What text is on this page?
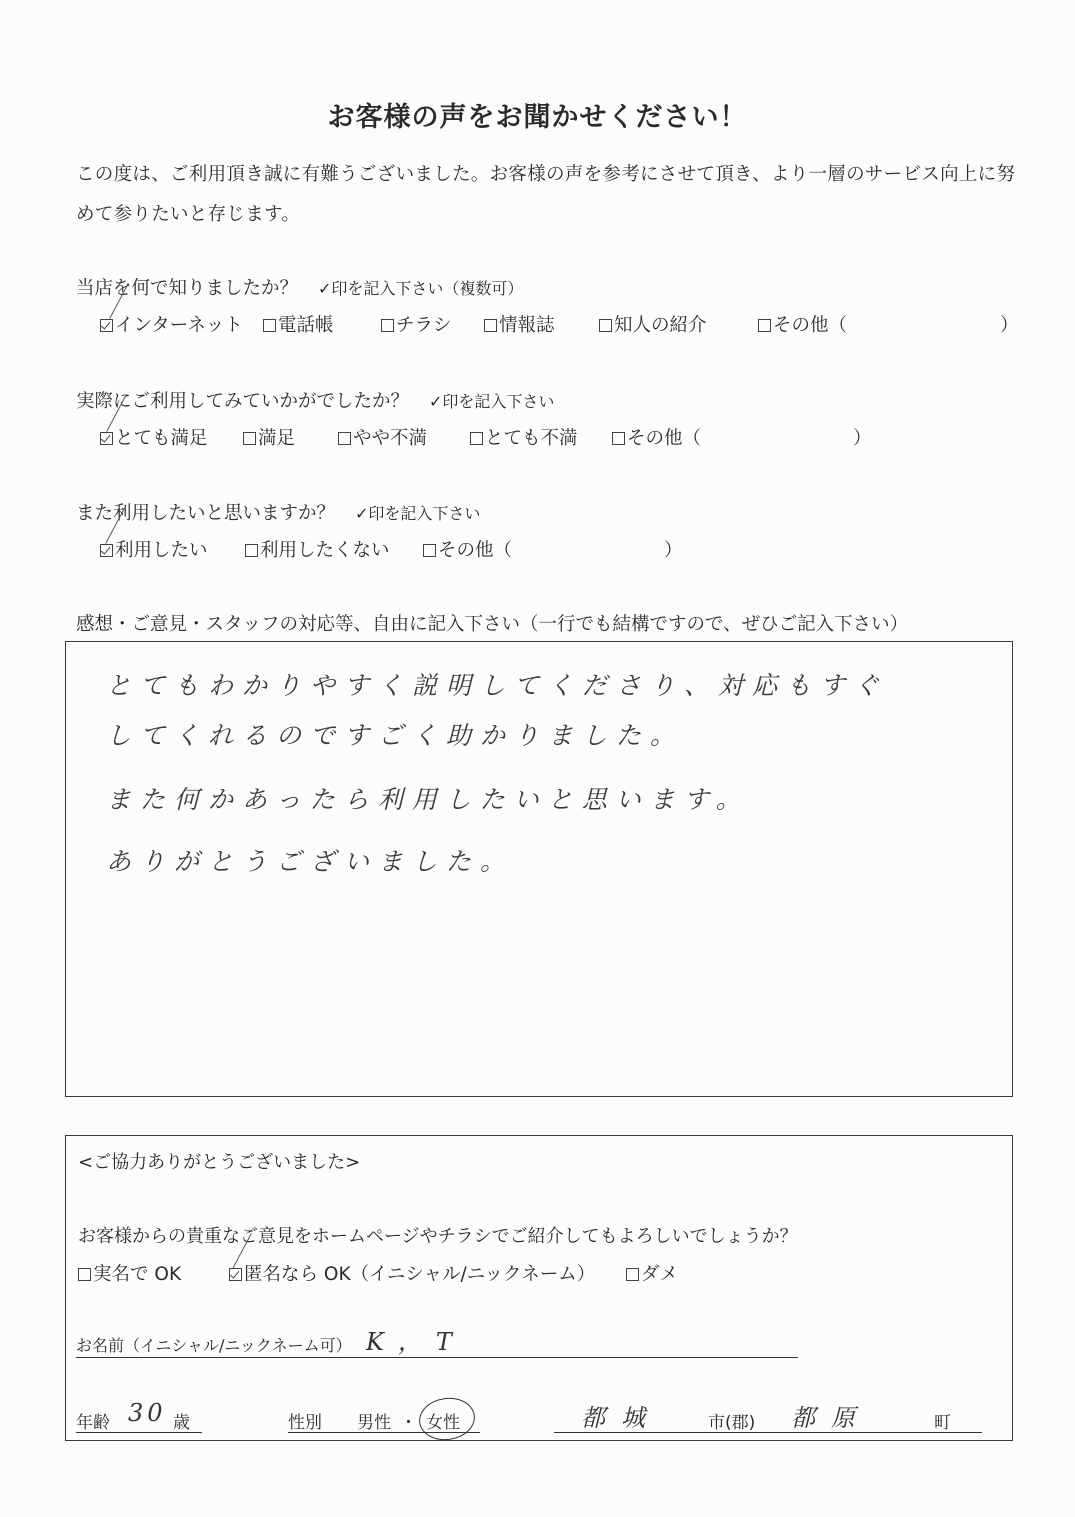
お客様の声をお聞かせください！
この度は、ご利用頂き誠に有難うございました。お客様の声を参考にさせて頂き、より一層のサービス向上に努
めて参りたいと存じます。
当店を何で知りましたか？ ✓印を記入下さい（複数可）
インターネット	電話帳	チラシ	情報誌	知人の紹介	その他（	）
実際にご利用してみていかがでしたか？ ✓印を記入下さい
とても満足	満足	やや不満	とても不満	その他（	）
また利用したいと思いますか？ ✓印を記入下さい
利用したい	利用したくない	その他（	）
感想・ご意見・スタッフの対応等、自由に記入下さい（一行でも結構ですので、ぜひご記入下さい）
とてもわかりやすく説明してくださり、対応もすぐ
してくれるのですごく助かりました。
また何かあったら利用したいと思います。
ありがとうございました。
<ご協力ありがとうございました>
お客様からの貴重なご意見をホームページやチラシでご紹介してもよろしいでしょうか？
実名で OK	匿名なら OK（イニシャル/ニックネーム）	ダメ
お名前（イニシャル/ニックネーム可） K，T
年齢 30 歳	性別 男性 ・ 女性	都城	市(郡) 都原	町
